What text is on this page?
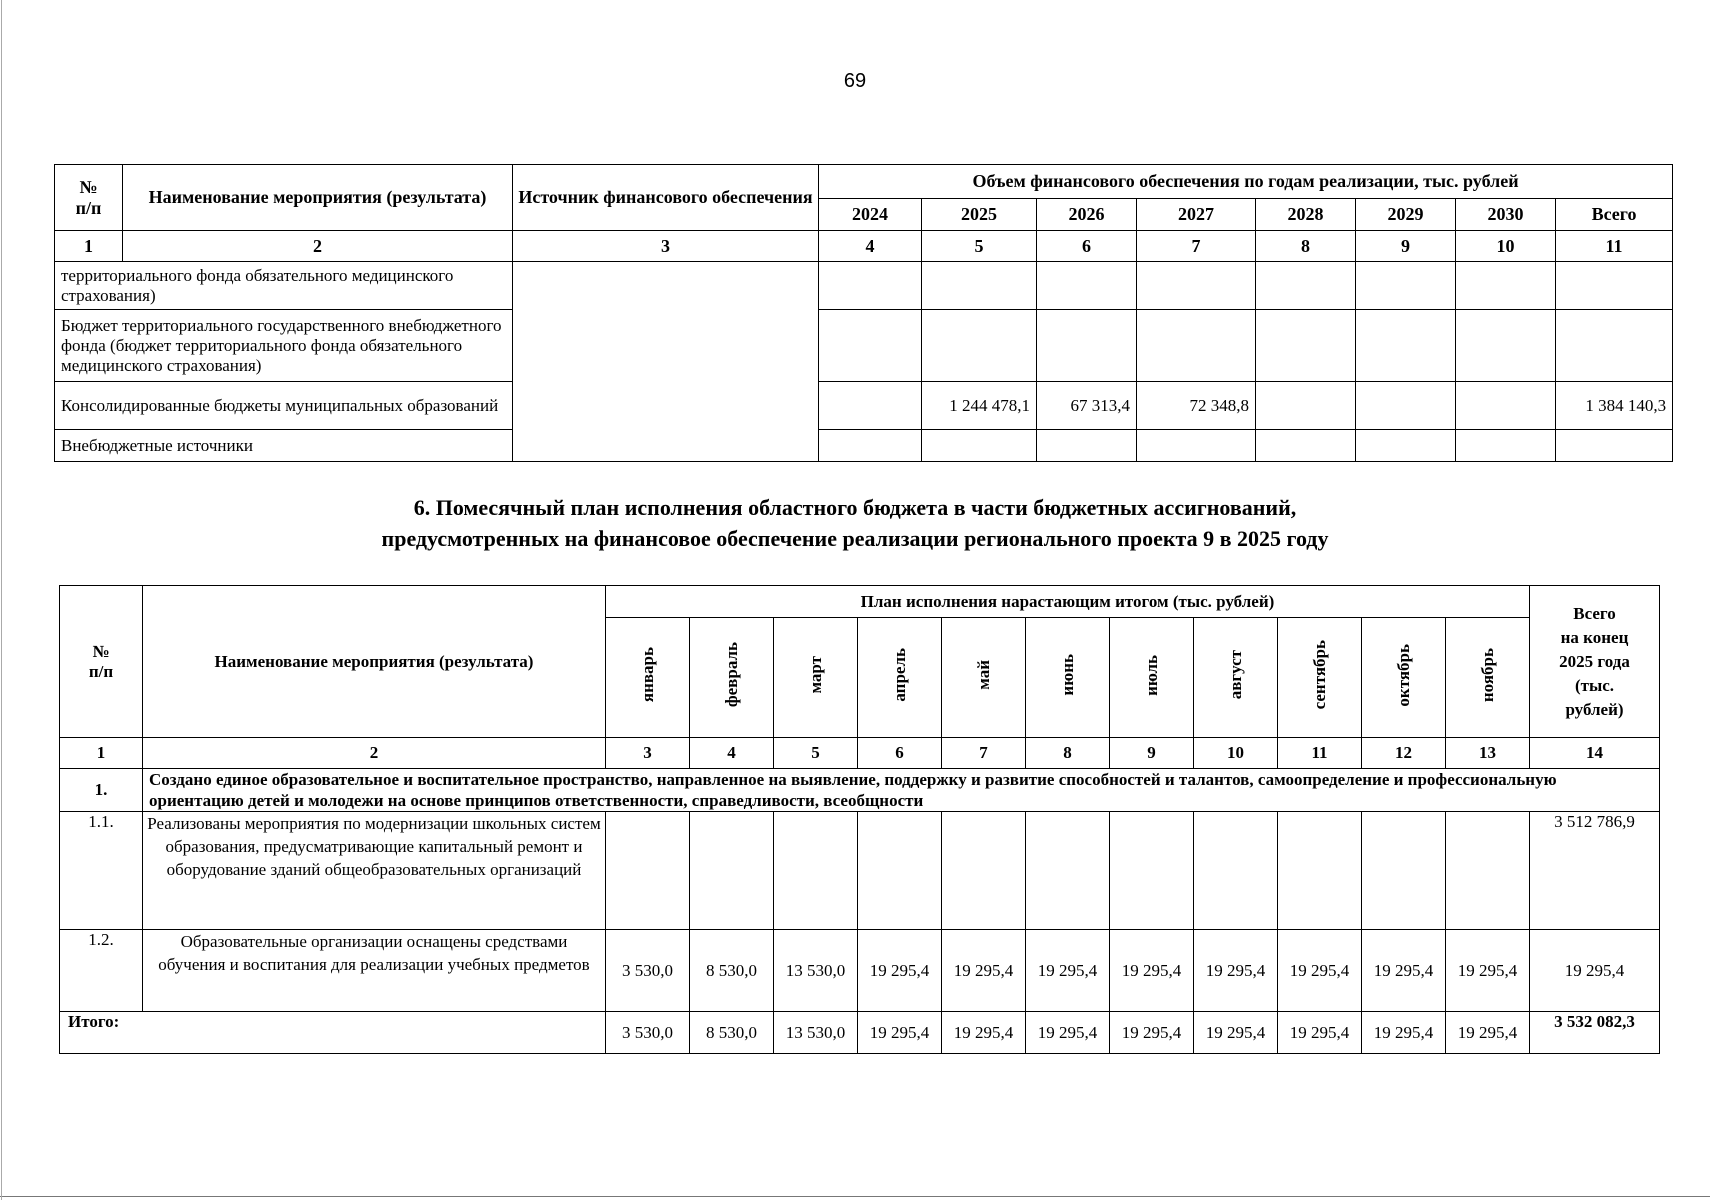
69
№
п/п	Наименование мероприятия (результата)	Источник финансового обеспечения	Объем финансового обеспечения по годам реализации, тыс. рублей							
			2024	2025	2026	2027	2028	2029	2030	Всего
1	2	3	4	5	6	7	8	9	10	11
территориального фонда обязательного медицинского страхования)										
Бюджет территориального государственного внебюджетного фонда (бюджет территориального фонда обязательного медицинского страхования)										
Консолидированные бюджеты муниципальных образований				1 244 478,1	67 313,4	72 348,8				1 384 140,3
Внебюджетные источники										
6. Помесячный план исполнения областного бюджета в части бюджетных ассигнований,
предусмотренных на финансовое обеспечение реализации регионального проекта 9 в 2025 году
№
п/п	Наименование мероприятия (результата)	План исполнения нарастающим итогом (тыс. рублей)											Всего
на конец
2025 года
(тыс.
рублей)
		январь	февраль	март	апрель	май	июнь	июль	август	сентябрь	октябрь	ноябрь	
1	2	3	4	5	6	7	8	9	10	11	12	13	14
1.	Создано единое образовательное и воспитательное пространство, направленное на выявление, поддержку и развитие способностей и талантов, самоопределение и профессиональную ориентацию детей и молодежи на основе принципов ответственности, справедливости, всеобщности												
1.1.	Реализованы мероприятия по модернизации школьных систем образования, предусматривающие капитальный ремонт и оборудование зданий общеобразовательных организаций												3 512 786,9
1.2.	Образовательные организации оснащены средствами обучения и воспитания для реализации учебных предметов	3 530,0	8 530,0	13 530,0	19 295,4	19 295,4	19 295,4	19 295,4	19 295,4	19 295,4	19 295,4	19 295,4	19 295,4
Итого:		3 530,0	8 530,0	13 530,0	19 295,4	19 295,4	19 295,4	19 295,4	19 295,4	19 295,4	19 295,4	19 295,4	3 532 082,3
